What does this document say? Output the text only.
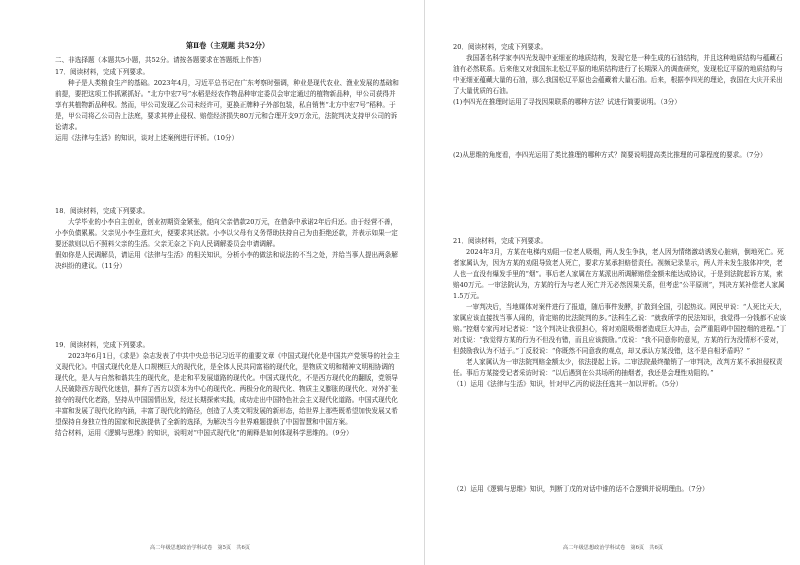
第Ⅱ卷（主观题 共52分）
二、非选择题（本题共5小题，共52分。请按各题要求在答题纸上作答）

17．阅读材料，完成下列要求。

种子是人类粮食生产的基础。2023年4月，习近平总书记在广东考察时强调，种业是现代农业、渔业发展的基础和前提，要把这项工作抓紧抓好。“北方中宏7号”水稻是经农作物品种审定委员会审定通过的植物新品种，甲公司获得并享有其植物新品种权。然而，甲公司发现乙公司未经许可，更换正牌种子外部包装，私自销售“北方中宏7号”稻种。于是，甲公司将乙公司告上法庭，要求其停止侵权、赔偿经济损失80万元和合理开支9万余元，法院判决支持甲公司的诉讼请求。

运用《法律与生活》的知识，谈对上述案例进行评析。（10分）

18．阅读材料，完成下列要求。

大学毕业的小李自主创业，创业初期资金紧张，便向父亲借款20万元，在借条中承诺2年后归还。由于经营不善，小李负债累累。父亲见小李生意红火，便要求其还款。小李以父母有义务帮助扶持自己为由拒绝还款，并表示如果一定要还款则以后不照料父亲的生活。父亲无奈之下向人民调解委员会申请调解。

假如你是人民调解员，请运用《法律与生活》的相关知识，分析小李的做法和说法的不当之处，并给当事人提出两条解决纠纷的建议。（11分）

19．阅读材料，完成下列要求。

2023年6月1日，《求是》杂志发表了中共中央总书记习近平的重要文章《中国式现代化是中国共产党领导的社会主义现代化》。中国式现代化是人口规模巨大的现代化，是全体人民共同富裕的现代化，是物质文明和精神文明相协调的现代化，是人与自然和谐共生的现代化，是走和平发展道路的现代化。中国式现代化，不是西方现代化的翻版，党领导人民破除西方现代化迷信，摒弃了西方以资本为中心的现代化、两极分化的现代化、物质主义膨胀的现代化、对外扩张掠夺的现代化老路，坚持从中国国情出发，经过长期探索实践，成功走出中国特色社会主义现代化道路。中国式现代化丰富和发展了现代化的内涵，丰富了现代化的路径，创造了人类文明发展的新形态，给世界上那些既希望加快发展又希望保持自身独立性的国家和民族提供了全新的选择，为解决当今世界难题提供了中国智慧和中国方案。

结合材料，运用《逻辑与思维》的知识，说明对“中国式现代化”的阐释是如何体现科学思维的。（9分）

高二年级思想政治学科试卷　第5页　共6页

20．阅读材料，完成下列要求。

我国著名科学家李四光发现中亚细亚的地质结构，发现它是一种生成的石油结构，并且这种地质结构与蕴藏石油有必然联系。后来他又对我国东北松辽平原的地质结构进行了长期深入的调查研究，发现松辽平原的地质结构与中亚细亚蕴藏大量的石油，那么我国松辽平原也会蕴藏着大量石油。后来，根据李四光的理论，我国在大庆开采出了大量优质的石油。

(1)李四光在推理时运用了寻找因果联系的哪种方法？试进行简要说明。（3分）

(2)从思维的角度看，李四光运用了类比推理的哪种方式？简要说明提高类比推理的可靠程度的要求。（7分）

21．阅读材料，完成下列要求。

2024年3月，方某在电梯内劝阻一位老人吸烟，两人发生争执，老人因为情绪激动诱发心脏病，倒地死亡。死者家属认为，因为方某的劝阻导致老人死亡，要求方某承担赔偿责任。视频记录显示，两人并未发生肢体冲突，老人也一直没有爆发手里的“烟”。事后老人家属在方某派出所调解赔偿金额未能达成协议，于是到法院起诉方某，索赔40万元。一审法院认为，方某的行为与老人死亡并无必然因果关系，但考虑“公平原则”，判决方某补偿老人家属1.5万元。

一审判决后，当地媒体对案件进行了报道，随后事件发酵，扩散到全国，引起热议。网民甲说：“人死比天大，家属应该直接找当事人闹的，肯定赔的比法院判的多。”法科生乙说：“就我所学的民法知识，我觉得一分钱都不应该赔。”控烟专家丙对记者说：“这个判决让我很担心，将对劝阻吸烟者造成巨大冲击，会严重阻碍中国控烟的进程。”丁对戊说：“我觉得方某的行为不但没有错，而且应该鼓励。”戊说：“我不同意你的意见，方某的行为没情形不妥对，但鼓励我认为不适于。”丁反驳说：“你既然不同意我的观点，却又承认方某没错，这不是自相矛盾吗？”

老人家属认为一审法院判赔金额太少，依法提起上诉。二审法院最终撤销了一审判决，改判方某不承担侵权责任。事后方某接受记者采访时说：“以后遇到在公共场所的抽烟者，我还是会理性劝阻的。”

（1）运用《法律与生活》知识，针对甲乙丙的说法任选其一加以评析。（5分）

（2）运用《逻辑与思维》知识，判断丁戊的对话中谁的话不合逻辑并说明理由。（7分）
高二年级思想政治学科试卷　第6页　共6页
